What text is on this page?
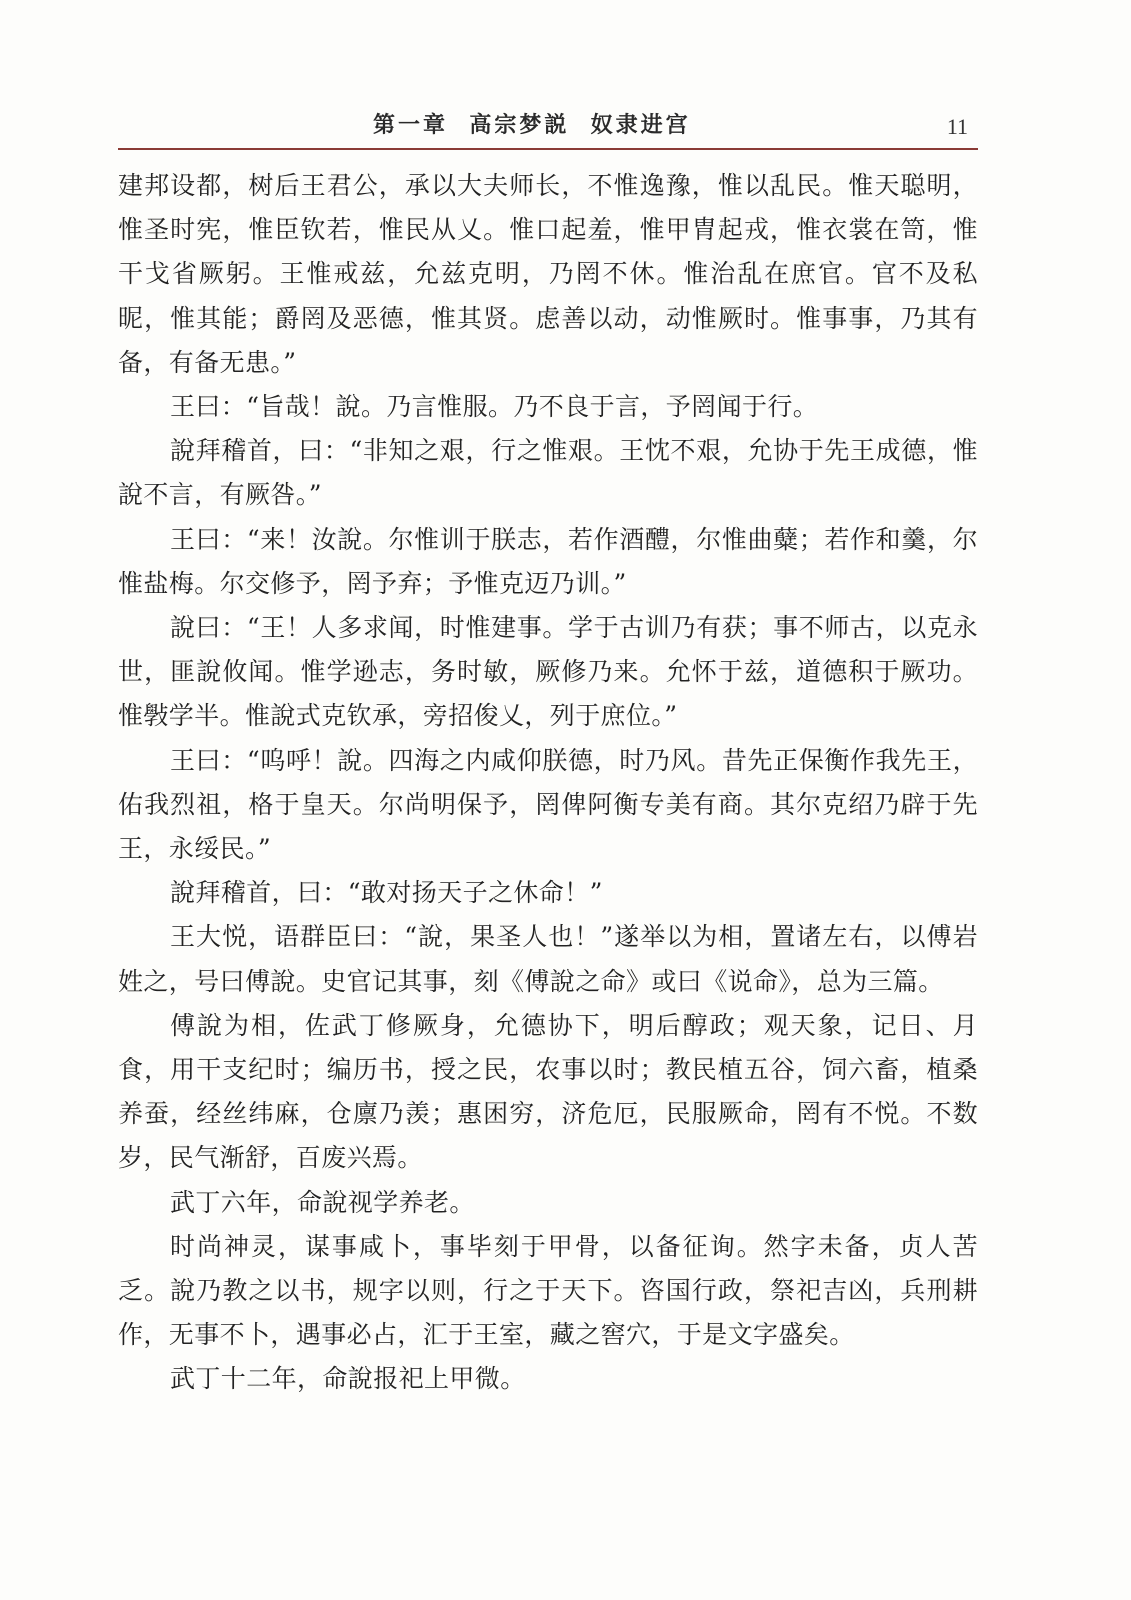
第一章  高宗梦説  奴隶进宫	11

建邦设都，树后王君公，承以大夫师长，不惟逸豫，惟以乱民。惟天聪明，惟圣时宪，惟臣钦若，惟民从乂。惟口起羞，惟甲胄起戎，惟衣裳在笥，惟干戈省厥躬。王惟戒兹，允兹克明，乃罔不休。惟治乱在庶官。官不及私昵，惟其能；爵罔及恶德，惟其贤。虑善以动，动惟厥时。惟事事，乃其有备，有备无患。”

王曰：“旨哉！說。乃言惟服。乃不良于言，予罔闻于行。

說拜稽首，曰：“非知之艰，行之惟艰。王忱不艰，允协于先王成德，惟說不言，有厥咎。”

王曰：“来！汝說。尔惟训于朕志，若作酒醴，尔惟曲糵；若作和羹，尔惟盐梅。尔交修予，罔予弃；予惟克迈乃训。”

說曰：“王！人多求闻，时惟建事。学于古训乃有获；事不师古，以克永世，匪說攸闻。惟学逊志，务时敏，厥修乃来。允怀于兹，道德积于厥功。惟斅学半。惟說式克钦承，旁招俊乂，列于庶位。”

王曰：“呜呼！說。四海之内咸仰朕德，时乃风。昔先正保衡作我先王，佑我烈祖，格于皇天。尔尚明保予，罔俾阿衡专美有商。其尔克绍乃辟于先王，永绥民。”

說拜稽首，曰：“敢对扬天子之休命！”

王大悦，语群臣曰：“說，果圣人也！”遂举以为相，置诸左右，以傅岩姓之，号曰傅說。史官记其事，刻《傅說之命》或曰《说命》，总为三篇。

傅說为相，佐武丁修厥身，允德协下，明后醇政；观天象，记日、月食，用干支纪时；编历书，授之民，农事以时；教民植五谷，饲六畜，植桑养蚕，经丝纬麻，仓廪乃羡；惠困穷，济危厄，民服厥命，罔有不悦。不数岁，民气渐舒，百废兴焉。

武丁六年，命說视学养老。

时尚神灵，谋事咸卜，事毕刻于甲骨，以备征询。然字未备，贞人苦乏。說乃教之以书，规字以则，行之于天下。咨国行政，祭祀吉凶，兵刑耕作，无事不卜，遇事必占，汇于王室，藏之窖穴，于是文字盛矣。

武丁十二年，命說报祀上甲微。
